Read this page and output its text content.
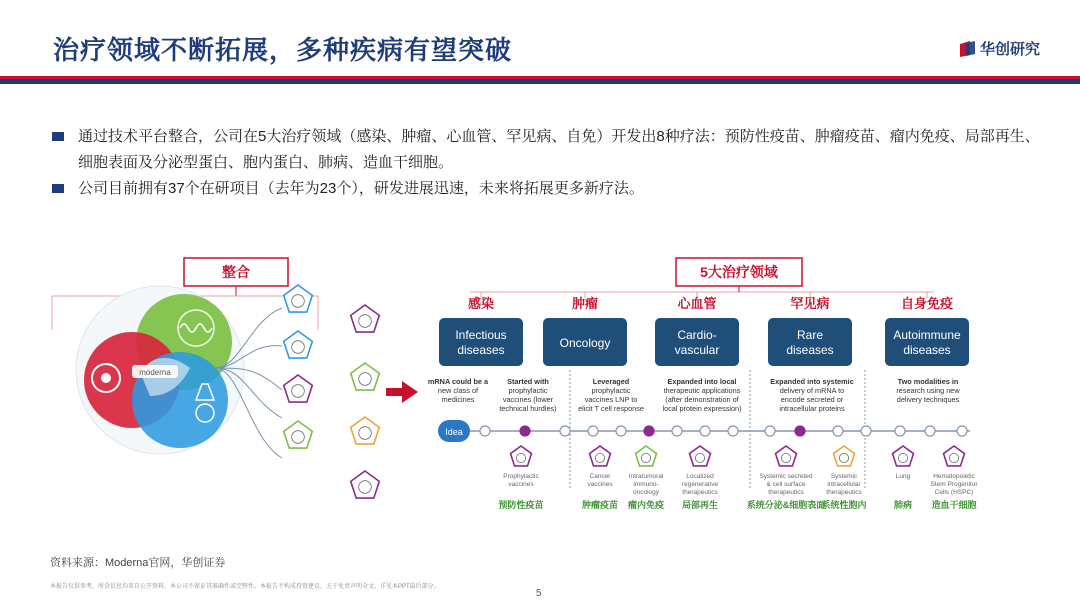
治疗领域不断拓展，多种疾病有望突破	华创研究
通过技术平台整合，公司在5大治疗领域（感染、肿瘤、心血管、罕见病、自免）开发出8种疗法：预防性疫苗、肿瘤疫苗、瘤内免疫、局部再生、细胞表面及分泌型蛋白、胞内蛋白、肺病、造血干细胞。
公司目前拥有37个在研项目（去年为23个），研发进展迅速，未来将拓展更多新疗法。
整合
moderna
5大治疗领域
感染
Infectious
diseases
肿瘤
Oncology
心血管
Cardio-
vascular
罕见病
Rare
diseases
自身免疫
Autoimmune
diseases
mRNA could be a
new class of
medicines
Started with
prophylactic
vaccines (lower
technical hurdles)
Leveraged
prophylactic
vaccines LNP to
elicit T cell response
Expanded into local
therapeutic applications
(after demonstration of
local protein expression)
Expanded into systemic
delivery of mRNA to
encode secreted or
intracellular proteins
Two modalities in
research using new
delivery techniques
Idea
Prophylactic
vaccines
预防性疫苗
Cancer
vaccines
肿瘤疫苗
Intratumoral
immuno-
oncology
瘤内免疫
Localized
regenerative
therapeutics
局部再生
Systemic secreted
& cell surface
therapeutics
系统分泌&细胞表面
Systemic
intracellular
therapeutics
系统性胞内
Lung
肺病
Hematopoietic
Stem Progenitor
Cells (HSPC)
造血干细胞
资料来源：Moderna官网，华创证券
本报告仅供参考，所含信息均来自公开资料，本公司不保证其准确性或完整性。本报告不构成投资建议，关于免责声明全文，详见本PPT最后部分。
5
